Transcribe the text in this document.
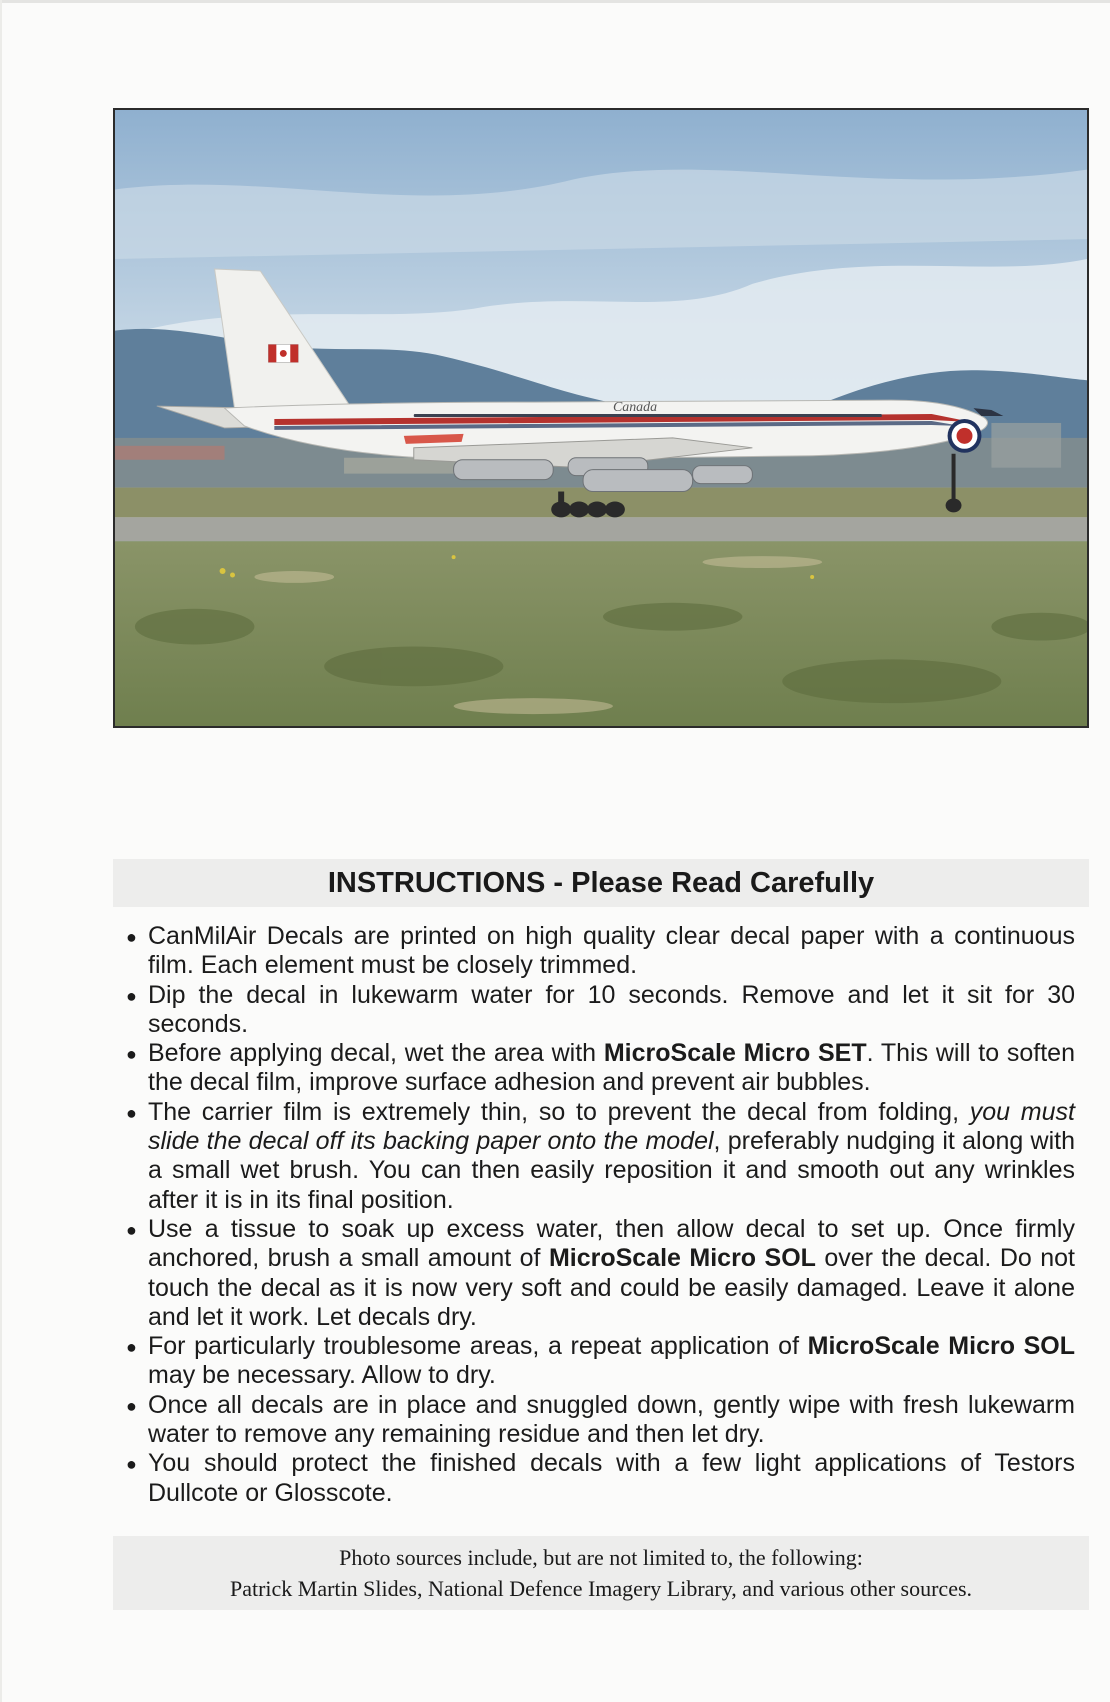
Canada
INSTRUCTIONS - Please Read Carefully
● CanMilAir Decals are printed on high quality clear decal paper with a continuous film. Each element must be closely trimmed.
● Dip the decal in lukewarm water for 10 seconds. Remove and let it sit for 30 seconds.
● Before applying decal, wet the area with MicroScale Micro SET. This will to soften the decal film, improve surface adhesion and prevent air bubbles.
● The carrier film is extremely thin, so to prevent the decal from folding, you must slide the decal off its backing paper onto the model, preferably nudging it along with a small wet brush. You can then easily reposition it and smooth out any wrinkles after it is in its final position.
● Use a tissue to soak up excess water, then allow decal to set up. Once firmly anchored, brush a small amount of MicroScale Micro SOL over the decal. Do not touch the decal as it is now very soft and could be easily damaged. Leave it alone and let it work. Let decals dry.
● For particularly troublesome areas, a repeat application of MicroScale Micro SOL may be necessary. Allow to dry.
● Once all decals are in place and snuggled down, gently wipe with fresh lukewarm water to remove any remaining residue and then let dry.
● You should protect the finished decals with a few light applications of Testors Dullcote or Glosscote.
Photo sources include, but are not limited to, the following:
Patrick Martin Slides, National Defence Imagery Library, and various other sources.
